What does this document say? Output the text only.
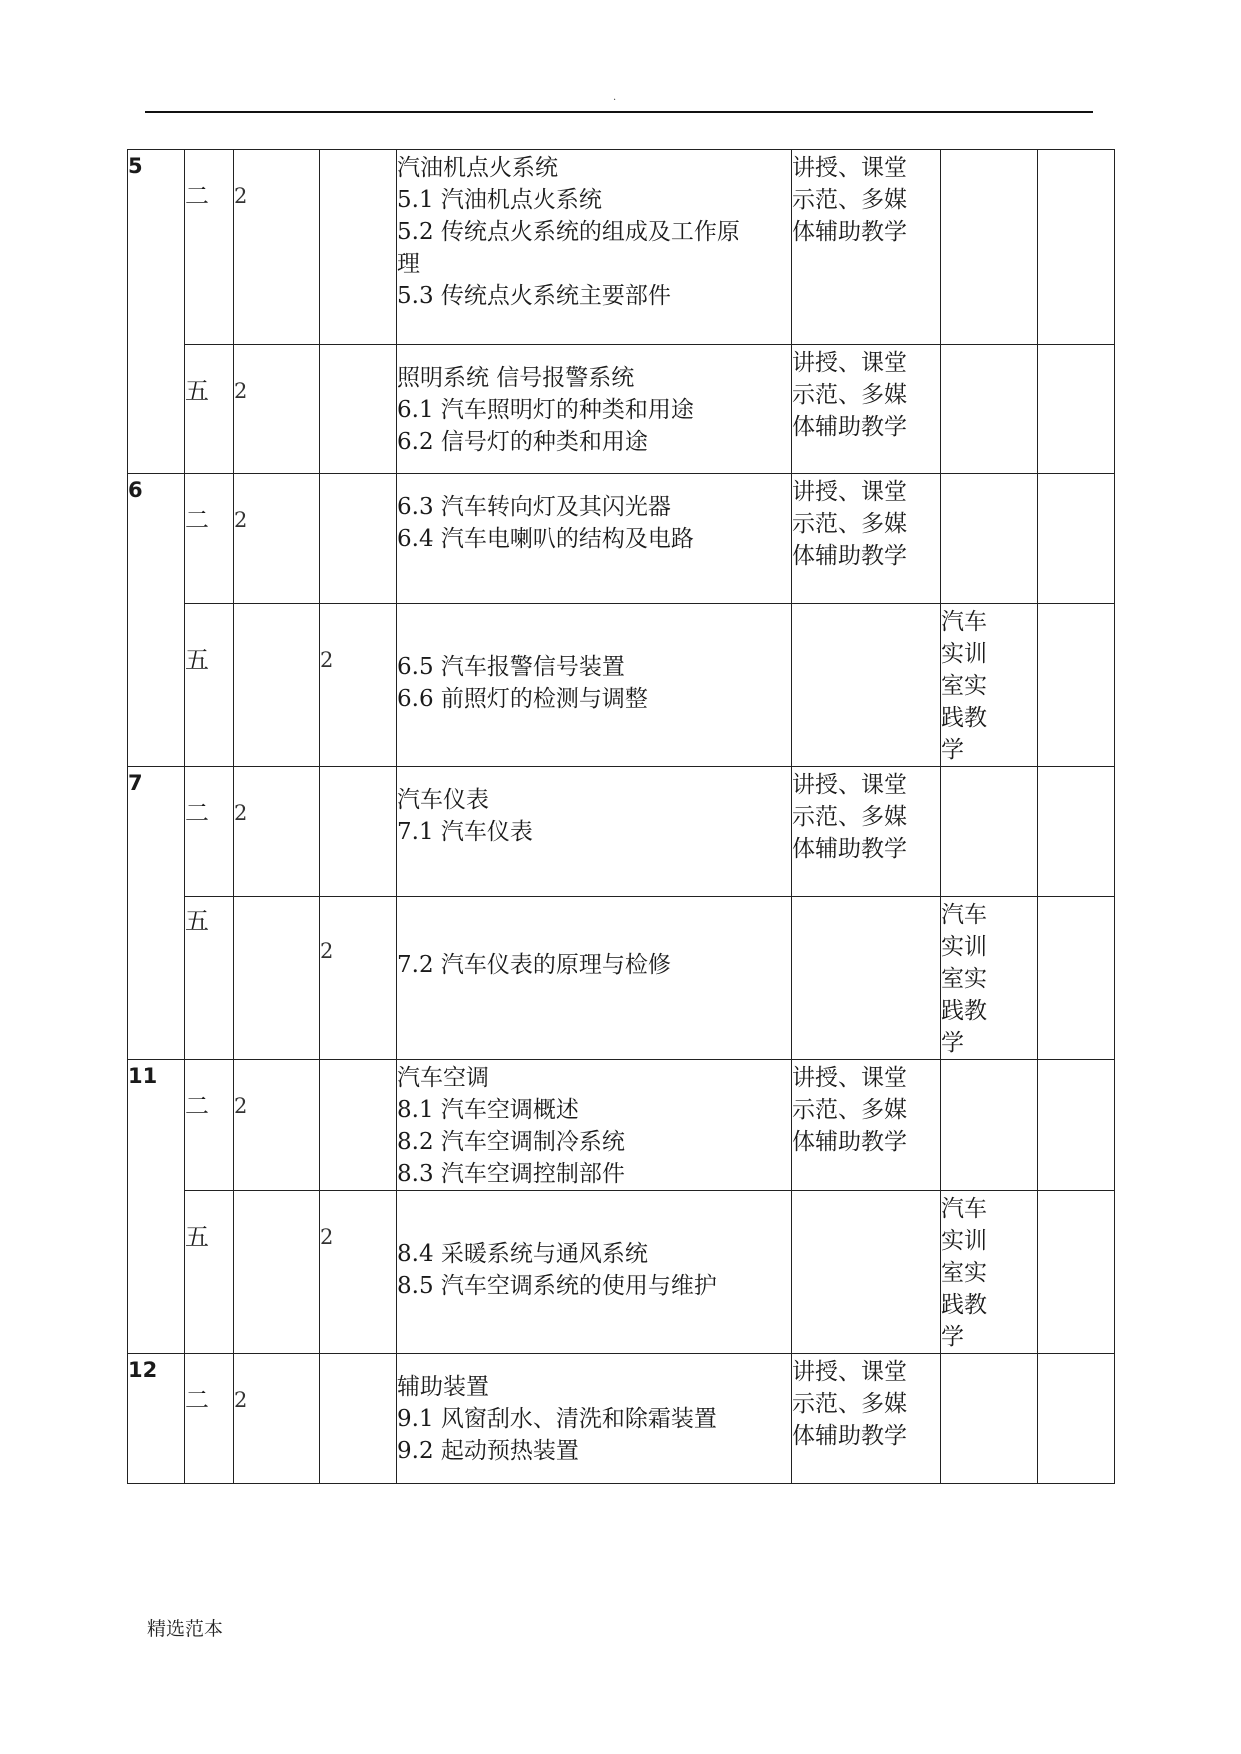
.
5	二	2		汽油机点火系统
5.1 汽油机点火系统
5.2 传统点火系统的组成及工作原
理
5.3 传统点火系统主要部件	讲授、课堂
示范、多媒
体辅助教学		

	五	2		照明系统 信号报警系统
6.1 汽车照明灯的种类和用途
6.2 信号灯的种类和用途	讲授、课堂
示范、多媒
体辅助教学		

6	二	2		6.3 汽车转向灯及其闪光器
6.4 汽车电喇叭的结构及电路	讲授、课堂
示范、多媒
体辅助教学		

	五		2	6.5 汽车报警信号装置
6.6 前照灯的检测与调整		汽车
实训
室实
践教
学	

7	二	2		汽车仪表
7.1 汽车仪表	讲授、课堂
示范、多媒
体辅助教学		

	五		2	7.2 汽车仪表的原理与检修		汽车
实训
室实
践教
学	

11	二	2		汽车空调
8.1 汽车空调概述
8.2 汽车空调制冷系统
8.3 汽车空调控制部件	讲授、课堂
示范、多媒
体辅助教学		

	五		2	8.4 采暖系统与通风系统
8.5 汽车空调系统的使用与维护		汽车
实训
室实
践教
学	

12	二	2		辅助装置
9.1 风窗刮水、清洗和除霜装置
9.2 起动预热装置	讲授、课堂
示范、多媒
体辅助教学		

精选范本
